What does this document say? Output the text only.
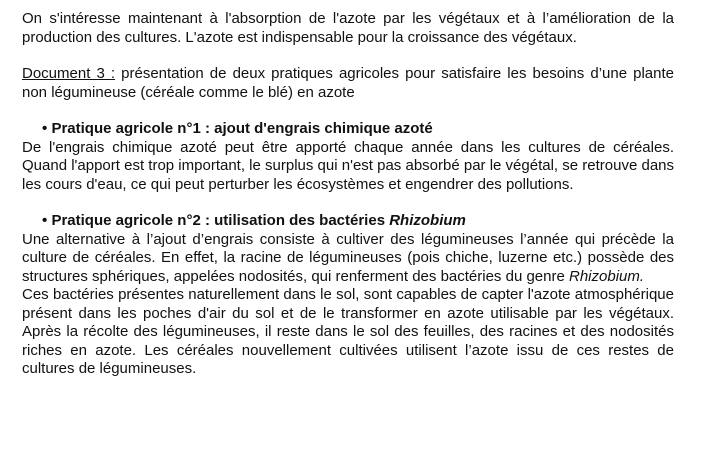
On s'intéresse maintenant à l'absorption de l'azote par les végétaux et à l’amélioration de la production des cultures. L'azote est indispensable pour la croissance des végétaux.

Document 3 : présentation de deux pratiques agricoles pour satisfaire les besoins d’une plante non légumineuse (céréale comme le blé) en azote

• Pratique agricole n°1 : ajout d'engrais chimique azoté

De l'engrais chimique azoté peut être apporté chaque année dans les cultures de céréales. Quand l'apport est trop important, le surplus qui n'est pas absorbé par le végétal, se retrouve dans les cours d'eau, ce qui peut perturber les écosystèmes et engendrer des pollutions.

• Pratique agricole n°2 : utilisation des bactéries Rhizobium

Une alternative à l’ajout d’engrais consiste à cultiver des légumineuses l’année qui précède la culture de céréales. En effet, la racine de légumineuses (pois chiche, luzerne etc.) possède des structures sphériques, appelées nodosités, qui renferment des bactéries du genre Rhizobium.

Ces bactéries présentes naturellement dans le sol, sont capables de capter l'azote atmosphérique présent dans les poches d'air du sol et de le transformer en azote utilisable par les végétaux. Après la récolte des légumineuses, il reste dans le sol des feuilles, des racines et des nodosités riches en azote. Les céréales nouvellement cultivées utilisent l’azote issu de ces restes de cultures de légumineuses.
